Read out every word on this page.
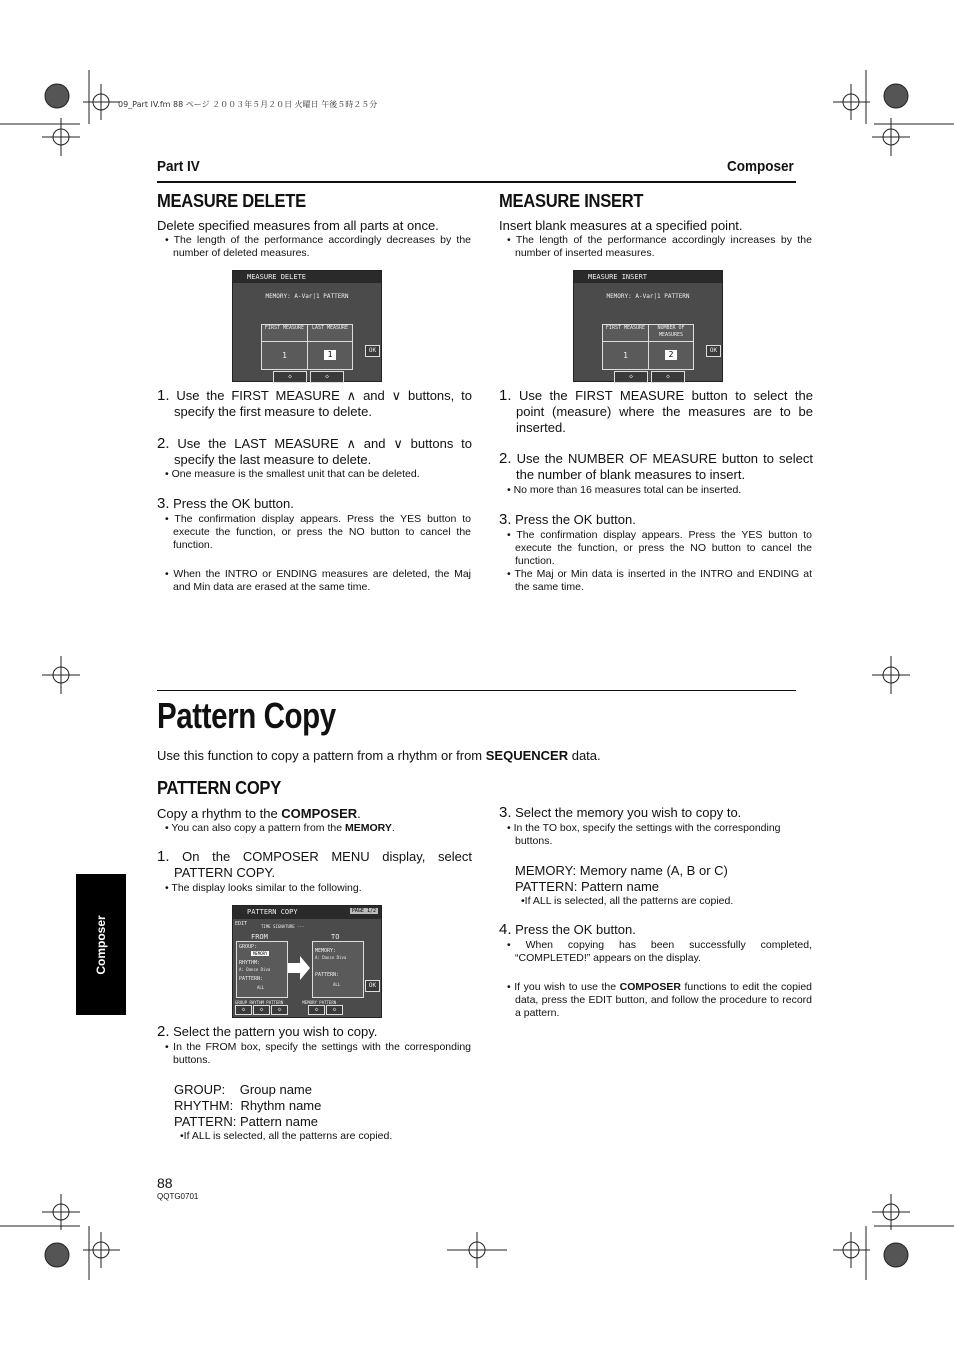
09_Part IV.fm 88 ページ ２００３年５月２０日 火曜日 午後５時２５分
Part IV	Composer
MEASURE DELETE
Delete specified measures from all parts at once.
• The length of the performance accordingly decreases by the number of deleted measures.
MEASURE DELETE
MEMORY: A-Var|1 PATTERN
FIRST MEASURE	LAST MEASURE
1	1	OK
◇	◇
1. Use the FIRST MEASURE ∧ and ∨ buttons, to specify the first measure to delete.
2. Use the LAST MEASURE ∧ and ∨ buttons to specify the last measure to delete.
• One measure is the smallest unit that can be deleted.
3. Press the OK button.
• The confirmation display appears. Press the YES button to execute the function, or press the NO button to cancel the function.
• When the INTRO or ENDING measures are deleted, the Maj and Min data are erased at the same time.
MEASURE INSERT
Insert blank measures at a specified point.
• The length of the performance accordingly increases by the number of inserted measures.
MEASURE INSERT
MEMORY: A-Var|1 PATTERN
FIRST MEASURE	NUMBER OF MEASURES
1	2	OK
◇	◇
1. Use the FIRST MEASURE button to select the point (measure) where the measures are to be inserted.
2. Use the NUMBER OF MEASURE button to select the number of blank measures to insert.
• No more than 16 measures total can be inserted.
3. Press the OK button.
• The confirmation display appears. Press the YES button to execute the function, or press the NO button to cancel the function.
• The Maj or Min data is inserted in the INTRO and ENDING at the same time.
Pattern Copy
Use this function to copy a pattern from a rhythm or from SEQUENCER data.
PATTERN COPY
Copy a rhythm to the COMPOSER.
• You can also copy a pattern from the MEMORY.
1. On the COMPOSER MENU display, select PATTERN COPY.
• The display looks similar to the following.
PATTERN COPY	PAGE 1/2
EDIT	TIME SIGNATURE ---
FROM	TO
GROUP:
MEMORY
RHYTHM:
A: Dance Diva
PATTERN:
ALL
MEMORY:
A: Dance Diva
PATTERN:
ALL	OK
GROUP RHYTHM PATTERN        MEMORY PATTERN
◇	◇	◇	◇	◇
2. Select the pattern you wish to copy.
• In the FROM box, specify the settings with the corresponding buttons.
GROUP:    Group name
RHYTHM:  Rhythm name
PATTERN: Pattern name
•If ALL is selected, all the patterns are copied.
3. Select the memory you wish to copy to.
• In the TO box, specify the settings with the corresponding buttons.
MEMORY: Memory name (A, B or C)
PATTERN: Pattern name
•If ALL is selected, all the patterns are copied.
4. Press the OK button.
• When copying has been successfully completed, “COMPLETED!” appears on the display.
• If you wish to use the COMPOSER functions to edit the copied data, press the EDIT button, and follow the procedure to record a pattern.
Composer
88
QQTG0701
